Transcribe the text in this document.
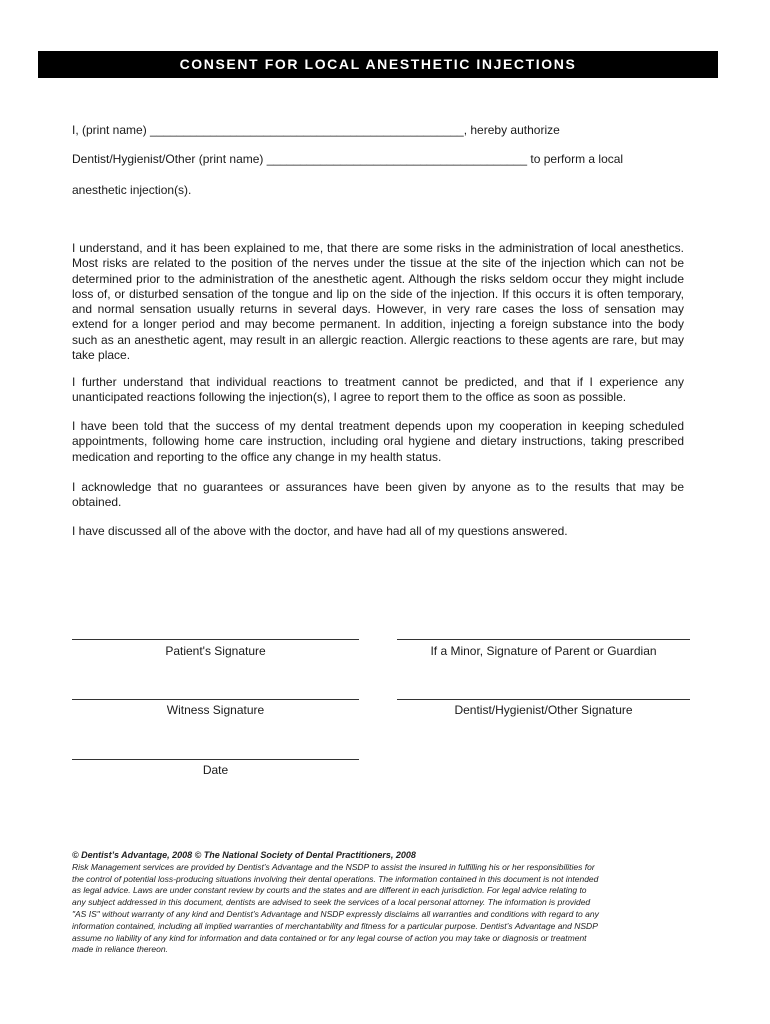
CONSENT FOR LOCAL ANESTHETIC INJECTIONS
I, (print name) _______________________________________________, hereby authorize
Dentist/Hygienist/Other (print name) _______________________________________ to perform a local
anesthetic injection(s).
I understand, and it has been explained to me, that there are some risks in the administration of local anesthetics. Most risks are related to the position of the nerves under the tissue at the site of the injection which can not be determined prior to the administration of the anesthetic agent. Although the risks seldom occur they might include loss of, or disturbed sensation of the tongue and lip on the side of the injection. If this occurs it is often temporary, and normal sensation usually returns in several days. However, in very rare cases the loss of sensation may extend for a longer period and may become permanent. In addition, injecting a foreign substance into the body such as an anesthetic agent, may result in an allergic reaction. Allergic reactions to these agents are rare, but may take place.
I further understand that individual reactions to treatment cannot be predicted, and that if I experience any unanticipated reactions following the injection(s), I agree to report them to the office as soon as possible.
I have been told that the success of my dental treatment depends upon my cooperation in keeping scheduled appointments, following home care instruction, including oral hygiene and dietary instructions, taking prescribed medication and reporting to the office any change in my health status.
I acknowledge that no guarantees or assurances have been given by anyone as to the results that may be obtained.
I have discussed all of the above with the doctor, and have had all of my questions answered.
Patient's Signature	If a Minor, Signature of Parent or Guardian
Witness Signature	Dentist/Hygienist/Other Signature
Date
© Dentist’s Advantage, 2008 © The National Society of Dental Practitioners, 2008
Risk Management services are provided by Dentist’s Advantage and the NSDP to assist the insured in fulfilling his or her responsibilities for
the control of potential loss-producing situations involving their dental operations. The information contained in this document is not intended
as legal advice. Laws are under constant review by courts and the states and are different in each jurisdiction. For legal advice relating to
any subject addressed in this document, dentists are advised to seek the services of a local personal attorney. The information is provided
"AS IS" without warranty of any kind and Dentist’s Advantage and NSDP expressly disclaims all warranties and conditions with regard to any
information contained, including all implied warranties of merchantability and fitness for a particular purpose. Dentist’s Advantage and NSDP
assume no liability of any kind for information and data contained or for any legal course of action you may take or diagnosis or treatment
made in reliance thereon.
